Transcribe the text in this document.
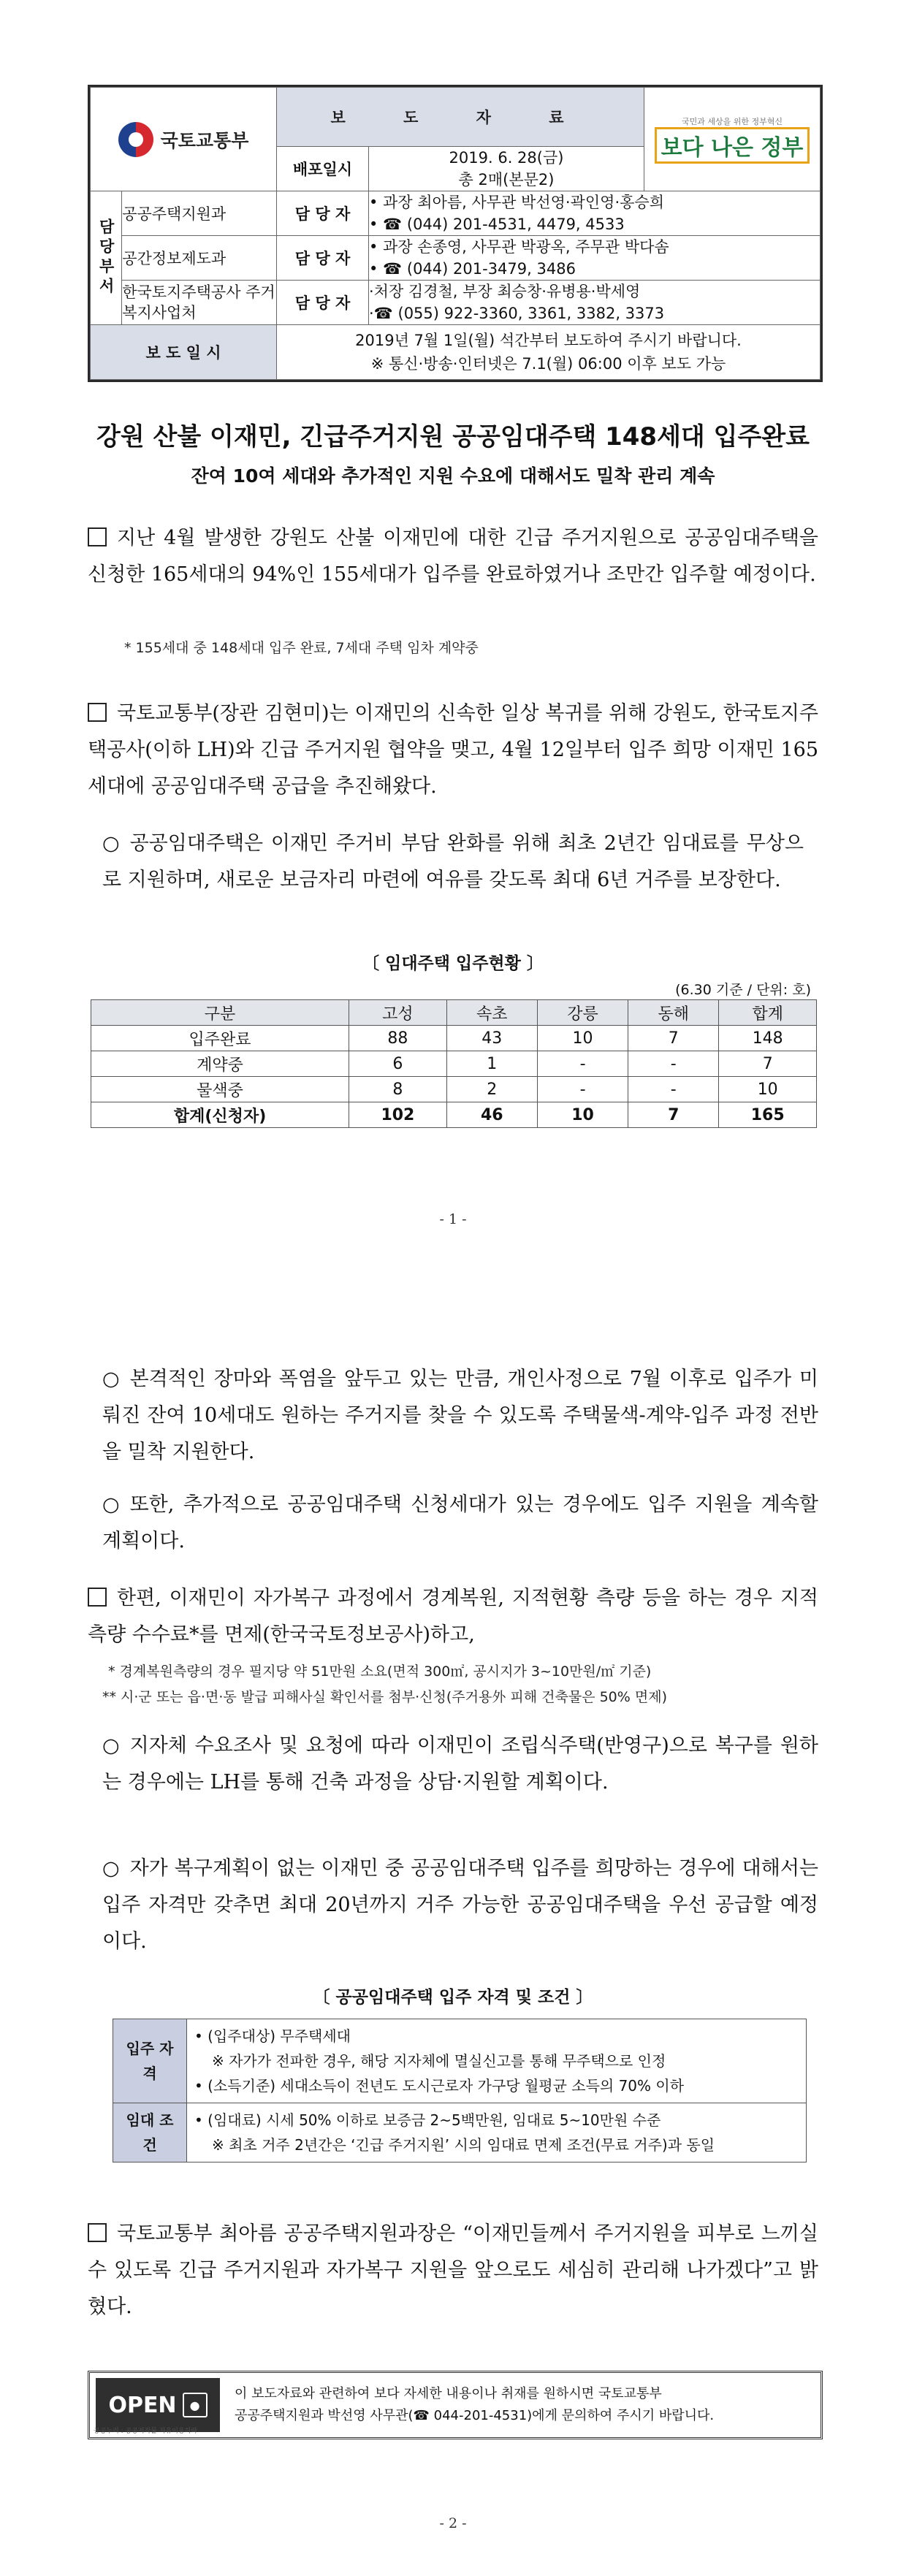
국토교통부		보 도 자 료		국민과 세상을 위한 정부혁신
보다 나은 정부

		배포일시	2019. 6. 28(금)
총 2매(본문2)	

담당부서	공공주택지원과	담 당 자	• 과장 최아름, 사무관 박선영·곽인영·홍승희
• ☎ (044) 201-4531, 4479, 4533	

	공간정보제도과	담 당 자	• 과장 손종영, 사무관 박광옥, 주무관 박다솜
• ☎ (044) 201-3479, 3486	

	한국토지주택공사 주거복지사업처	담 당 자	·처장 김경철, 부장 최승창·유병용·박세영
·☎ (055) 922-3360, 3361, 3382, 3373	

보 도 일 시		2019년 7월 1일(월) 석간부터 보도하여 주시기 바랍니다.
※ 통신·방송·인터넷은 7.1(월) 06:00 이후 보도 가능		
강원 산불 이재민, 긴급주거지원 공공임대주택 148세대 입주완료
잔여 10여 세대와 추가적인 지원 수요에 대해서도 밀착 관리 계속
지난 4월 발생한 강원도 산불 이재민에 대한 긴급 주거지원으로 공공임대주택을 신청한 165세대의 94%인 155세대가 입주를 완료하였거나 조만간 입주할 예정이다.
* 155세대 중 148세대 입주 완료, 7세대 주택 임차 계약중
국토교통부(장관 김현미)는 이재민의 신속한 일상 복귀를 위해 강원도, 한국토지주택공사(이하 LH)와 긴급 주거지원 협약을 맺고, 4월 12일부터 입주 희망 이재민 165세대에 공공임대주택 공급을 추진해왔다.
○ 공공임대주택은 이재민 주거비 부담 완화를 위해 최초 2년간 임대료를 무상으로 지원하며, 새로운 보금자리 마련에 여유를 갖도록 최대 6년 거주를 보장한다.
〔 임대주택 입주현황 〕
(6.30 기준 / 단위: 호)
구분	고성	속초	강릉	동해	합계
입주완료	88	43	10	7	148
계약중	6	1	-	-	7
물색중	8	2	-	-	10
합계(신청자)	102	46	10	7	165
- 1 -
○ 본격적인 장마와 폭염을 앞두고 있는 만큼, 개인사정으로 7월 이후로 입주가 미뤄진 잔여 10세대도 원하는 주거지를 찾을 수 있도록 주택물색-계약-입주 과정 전반을 밀착 지원한다.
○ 또한, 추가적으로 공공임대주택 신청세대가 있는 경우에도 입주 지원을 계속할 계획이다.
한편, 이재민이 자가복구 과정에서 경계복원, 지적현황 측량 등을 하는 경우 지적측량 수수료*를 면제(한국국토정보공사)하고,
* 경계복원측량의 경우 필지당 약 51만원 소요(면적 300㎡, 공시지가 3~10만원/㎡ 기준)
** 시·군 또는 읍·면·동 발급 피해사실 확인서를 첨부·신청(주거용外 피해 건축물은 50% 면제)
○ 지자체 수요조사 및 요청에 따라 이재민이 조립식주택(반영구)으로 복구를 원하는 경우에는 LH를 통해 건축 과정을 상담·지원할 계획이다.
○ 자가 복구계획이 없는 이재민 중 공공임대주택 입주를 희망하는 경우에 대해서는 입주 자격만 갖추면 최대 20년까지 거주 가능한 공공임대주택을 우선 공급할 예정이다.
〔 공공임대주택 입주 자격 및 조건 〕
입주 자격	• (입주대상) 무주택세대
※ 자가가 전파한 경우, 해당 지자체에 멸실신고를 통해 무주택으로 인정
• (소득기준) 세대소득이 전년도 도시근로자 가구당 월평균 소득의 70% 이하

임대 조건	• (임대료) 시세 50% 이하로 보증금 2~5백만원, 임대료 5~10만원 수준
※ 최초 거주 2년간은 ‘긴급 주거지원’ 시의 임대료 면제 조건(무료 거주)과 동일
국토교통부 최아름 공공주택지원과장은 “이재민들께서 주거지원을 피부로 느끼실 수 있도록 긴급 주거지원과 자가복구 지원을 앞으로도 세심히 관리해 나가겠다”고 밝혔다.
- 2 -
OPEN	●
이 보도자료와 관련하여 보다 자세한 내용이나 취재를 원하시면 국토교통부
공공주택지원과 박선영 사무관(☎ 044-201-4531)에게 문의하여 주시기 바랍니다.
공공누리 : 공공저작물 자유이용허락
